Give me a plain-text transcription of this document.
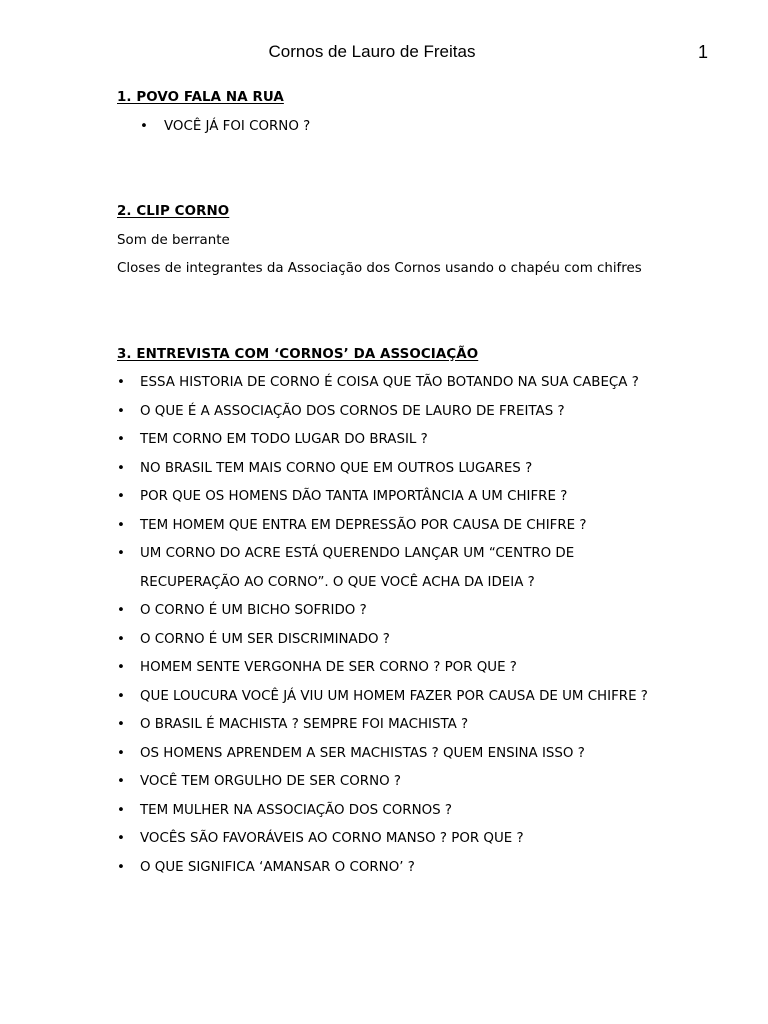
Cornos de Lauro de Freitas	1

1. POVO FALA NA RUA

• VOCÊ JÁ FOI CORNO ?

2. CLIP CORNO

Som de berrante

Closes de integrantes da Associação dos Cornos usando o chapéu com chifres

3. ENTREVISTA COM ‘CORNOS’ DA ASSOCIAÇÃO

• ESSA HISTORIA DE CORNO É COISA QUE TÃO BOTANDO NA SUA CABEÇA ?
• O QUE É A ASSOCIAÇÃO DOS CORNOS DE LAURO DE FREITAS ?
• TEM CORNO EM TODO LUGAR DO BRASIL ?
• NO BRASIL TEM MAIS CORNO QUE EM OUTROS LUGARES ?
• POR QUE OS HOMENS DÃO TANTA IMPORTÂNCIA A UM CHIFRE ?
• TEM HOMEM QUE ENTRA EM DEPRESSÃO POR CAUSA DE CHIFRE ?
• UM CORNO DO ACRE ESTÁ QUERENDO LANÇAR UM “CENTRO DE RECUPERAÇÃO AO CORNO”. O QUE VOCÊ ACHA DA IDEIA ?
• O CORNO É UM BICHO SOFRIDO ?
• O CORNO É UM SER DISCRIMINADO ?
• HOMEM SENTE VERGONHA DE SER CORNO ? POR QUE ?
• QUE LOUCURA VOCÊ JÁ VIU UM HOMEM FAZER POR CAUSA DE UM CHIFRE ?
• O BRASIL É MACHISTA ? SEMPRE FOI MACHISTA ?
• OS HOMENS APRENDEM A SER MACHISTAS ? QUEM ENSINA ISSO ?
• VOCÊ TEM ORGULHO DE SER CORNO ?
• TEM MULHER NA ASSOCIAÇÃO DOS CORNOS ?
• VOCÊS SÃO FAVORÁVEIS AO CORNO MANSO ? POR QUE ?
• O QUE SIGNIFICA ‘AMANSAR O CORNO’ ?
